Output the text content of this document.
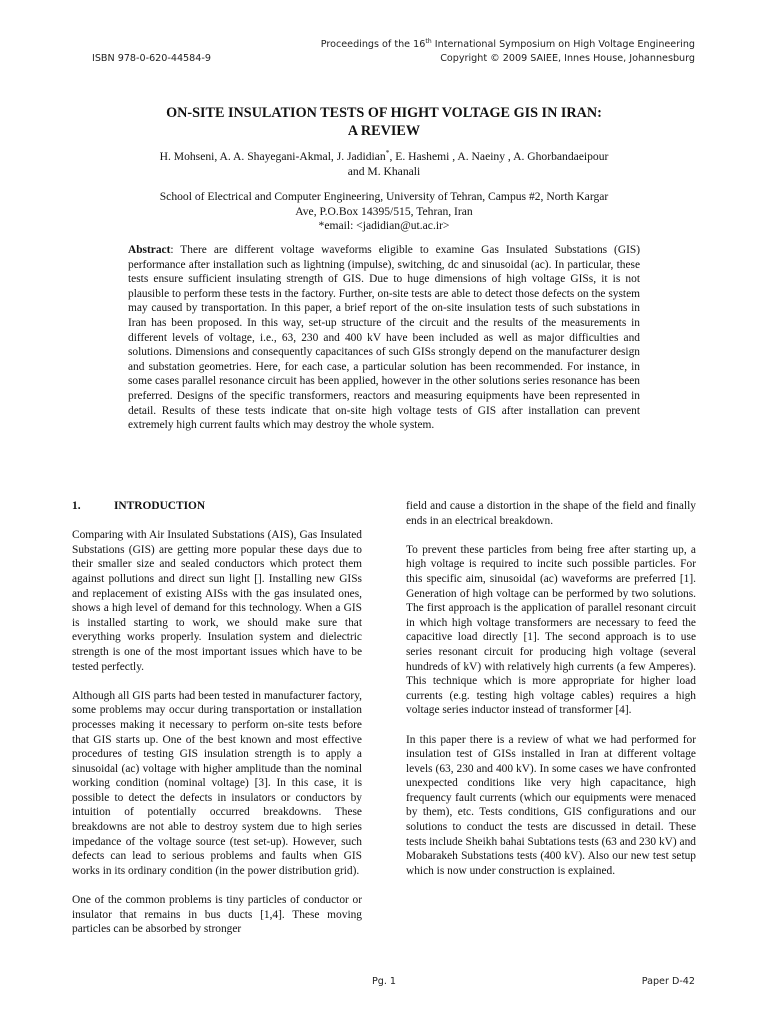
Proceedings of the 16th International Symposium on High Voltage Engineering
Copyright © 2009 SAIEE, Innes House, Johannesburg
ISBN 978-0-620-44584-9
ON-SITE INSULATION TESTS OF HIGHT VOLTAGE GIS IN IRAN:
A REVIEW
H. Mohseni, A. A. Shayegani-Akmal, J. Jadidian*, E. Hashemi , A. Naeiny , A. Ghorbandaeipour
and M. Khanali
School of Electrical and Computer Engineering, University of Tehran, Campus #2, North Kargar
Ave, P.O.Box 14395/515, Tehran, Iran
*email: <jadidian@ut.ac.ir>
Abstract: There are different voltage waveforms eligible to examine Gas Insulated Substations (GIS) performance after installation such as lightning (impulse), switching, dc and sinusoidal (ac). In particular, these tests ensure sufficient insulating strength of GIS. Due to huge dimensions of high voltage GISs, it is not plausible to perform these tests in the factory. Further, on-site tests are able to detect those defects on the system may caused by transportation. In this paper, a brief report of the on-site insulation tests of such substations in Iran has been proposed. In this way, set-up structure of the circuit and the results of the measurements in different levels of voltage, i.e., 63, 230 and 400 kV have been included as well as major difficulties and solutions. Dimensions and consequently capacitances of such GISs strongly depend on the manufacturer design and substation geometries. Here, for each case, a particular solution has been recommended. For instance, in some cases parallel resonance circuit has been applied, however in the other solutions series resonance has been preferred. Designs of the specific transformers, reactors and measuring equipments have been represented in detail. Results of these tests indicate that on-site high voltage tests of GIS after installation can prevent extremely high current faults which may destroy the whole system.
1.	INTRODUCTION

Comparing with Air Insulated Substations (AIS), Gas Insulated Substations (GIS) are getting more popular these days due to their smaller size and sealed conductors which protect them against pollutions and direct sun light []. Installing new GISs and replacement of existing AISs with the gas insulated ones, shows a high level of demand for this technology. When a GIS is installed starting to work, we should make sure that everything works properly. Insulation system and dielectric strength is one of the most important issues which have to be tested perfectly.

Although all GIS parts had been tested in manufacturer factory, some problems may occur during transportation or installation processes making it necessary to perform on-site tests before that GIS starts up. One of the best known and most effective procedures of testing GIS insulation strength is to apply a sinusoidal (ac) voltage with higher amplitude than the nominal working condition (nominal voltage) [3]. In this case, it is possible to detect the defects in insulators or conductors by intuition of potentially occurred breakdowns. These breakdowns are not able to destroy system due to high series impedance of the voltage source (test set-up). However, such defects can lead to serious problems and faults when GIS works in its ordinary condition (in the power distribution grid).

One of the common problems is tiny particles of conductor or insulator that remains in bus ducts [1,4]. These moving particles can be absorbed by stronger

field and cause a distortion in the shape of the field and finally ends in an electrical breakdown.

To prevent these particles from being free after starting up, a high voltage is required to incite such possible particles. For this specific aim, sinusoidal (ac) waveforms are preferred [1]. Generation of high voltage can be performed by two solutions. The first approach is the application of parallel resonant circuit in which high voltage transformers are necessary to feed the capacitive load directly [1]. The second approach is to use series resonant circuit for producing high voltage (several hundreds of kV) with relatively high currents (a few Amperes). This technique which is more appropriate for higher load currents (e.g. testing high voltage cables) requires a high voltage series inductor instead of transformer [4].

In this paper there is a review of what we had performed for insulation test of GISs installed in Iran at different voltage levels (63, 230 and 400 kV). In some cases we have confronted unexpected conditions like very high capacitance, high frequency fault currents (which our equipments were menaced by them), etc. Tests conditions, GIS configurations and our solutions to conduct the tests are discussed in detail. These tests include Sheikh bahai Subtations tests (63 and 230 kV) and Mobarakeh Substations tests (400 kV). Also our new test setup which is now under construction is explained.

Pg. 1	Paper D-42
